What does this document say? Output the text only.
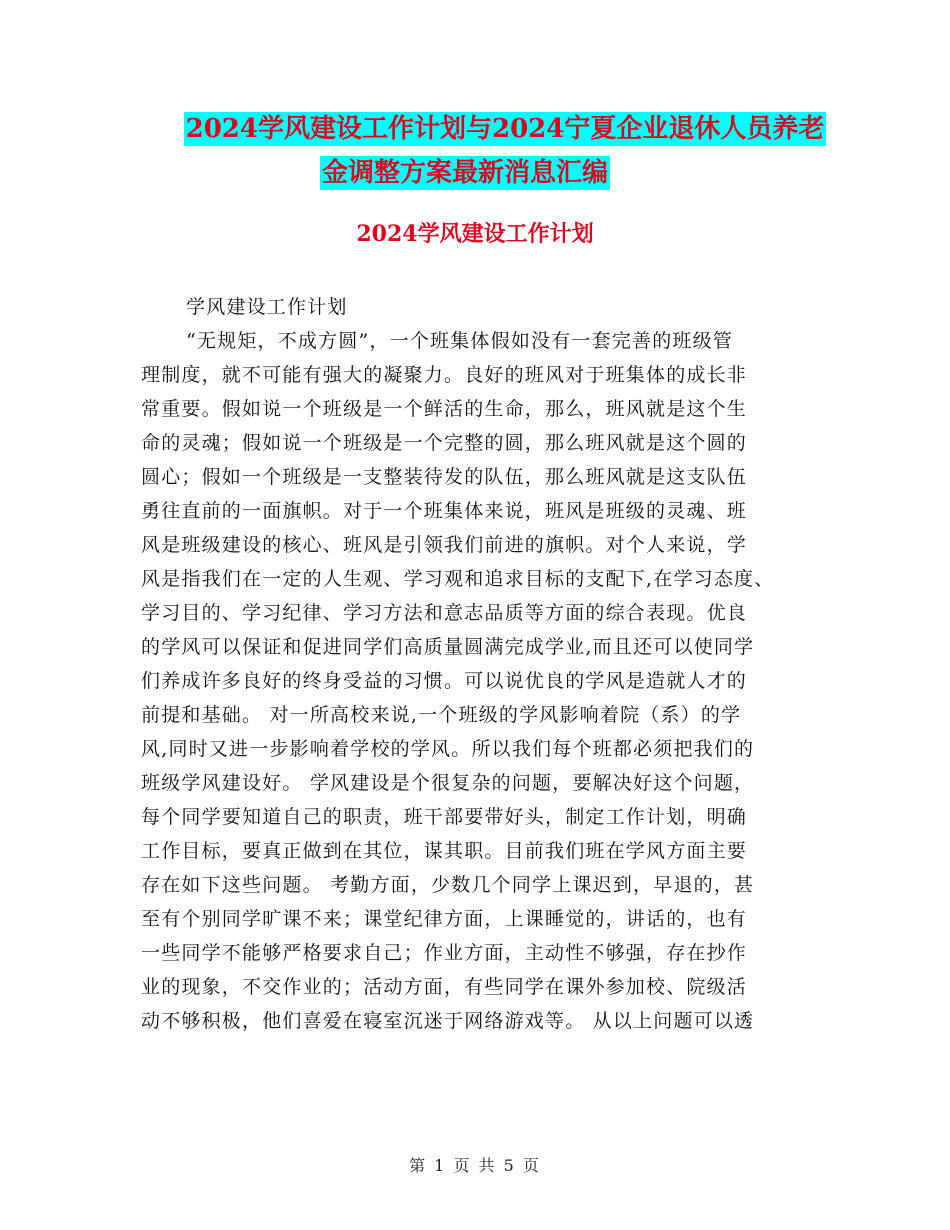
2024学风建设工作计划与2024宁夏企业退休人员养老
金调整方案最新消息汇编
2024学风建设工作计划
学风建设工作计划
“无规矩，不成方圆”，一个班集体假如没有一套完善的班级管
理制度，就不可能有强大的凝聚力。良好的班风对于班集体的成长非
常重要。假如说一个班级是一个鲜活的生命，那么，班风就是这个生
命的灵魂；假如说一个班级是一个完整的圆，那么班风就是这个圆的
圆心；假如一个班级是一支整装待发的队伍，那么班风就是这支队伍
勇往直前的一面旗帜。对于一个班集体来说，班风是班级的灵魂、班
风是班级建设的核心、班风是引领我们前进的旗帜。对个人来说，学
风是指我们在一定的人生观、学习观和追求目标的支配下,在学习态度、
学习目的、学习纪律、学习方法和意志品质等方面的综合表现。优良
的学风可以保证和促进同学们高质量圆满完成学业,而且还可以使同学
们养成许多良好的终身受益的习惯。可以说优良的学风是造就人才的
前提和基础。 对一所高校来说,一个班级的学风影响着院（系）的学
风,同时又进一步影响着学校的学风。所以我们每个班都必须把我们的
班级学风建设好。 学风建设是个很复杂的问题，要解决好这个问题，
每个同学要知道自己的职责，班干部要带好头，制定工作计划，明确
工作目标，要真正做到在其位，谋其职。目前我们班在学风方面主要
存在如下这些问题。 考勤方面，少数几个同学上课迟到，早退的，甚
至有个别同学旷课不来；课堂纪律方面，上课睡觉的，讲话的，也有
一些同学不能够严格要求自己；作业方面，主动性不够强，存在抄作
业的现象，不交作业的；活动方面，有些同学在课外参加校、院级活
动不够积极，他们喜爱在寝室沉迷于网络游戏等。 从以上问题可以透
第 1 页 共 5 页
